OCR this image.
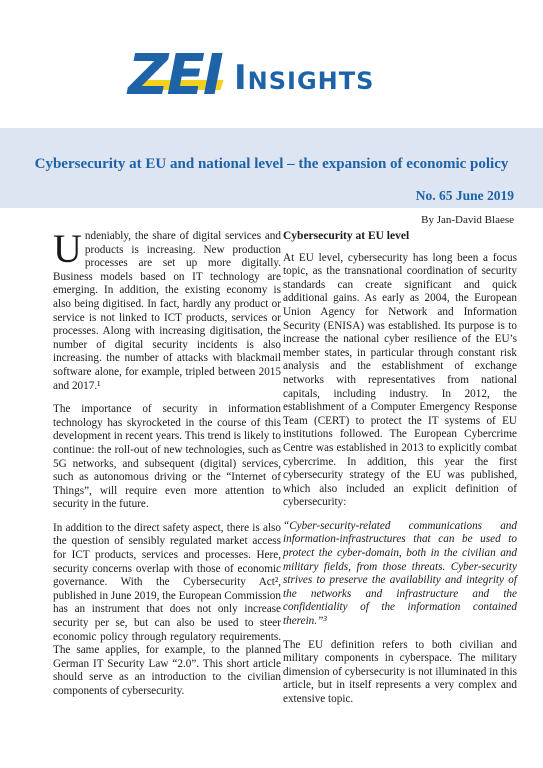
ZEI Insights
Cybersecurity at EU and national level – the expansion of economic policy
No. 65 June 2019
By Jan-David Blaese

Undeniably, the share of digital services and products is increasing. New production processes are set up more digitally. Business models based on IT technology are emerging. In addition, the existing economy is also being digitised. In fact, hardly any product or service is not linked to ICT products, services or processes. Along with increasing digitisation, the number of digital security incidents is also increasing. the number of attacks with blackmail software alone, for example, tripled between 2015 and 2017.¹

The importance of security in information technology has skyrocketed in the course of this development in recent years. This trend is likely to continue: the roll-out of new technologies, such as 5G networks, and subsequent (digital) services, such as autonomous driving or the “Internet of Things”, will require even more attention to security in the future.

In addition to the direct safety aspect, there is also the question of sensibly regulated market access for ICT products, services and processes. Here, security concerns overlap with those of economic governance. With the Cybersecurity Act², published in June 2019, the European Commission has an instrument that does not only increase security per se, but can also be used to steer economic policy through regulatory requirements. The same applies, for example, to the planned German IT Security Law “2.0”. This short article should serve as an introduction to the civilian components of cybersecurity.

Cybersecurity at EU level

At EU level, cybersecurity has long been a focus topic, as the transnational coordination of security standards can create significant and quick additional gains. As early as 2004, the European Union Agency for Network and Information Security (ENISA) was established. Its purpose is to increase the national cyber resilience of the EU’s member states, in particular through constant risk analysis and the establishment of exchange networks with representatives from national capitals, including industry. In 2012, the establishment of a Computer Emergency Response Team (CERT) to protect the IT systems of EU institutions followed. The European Cybercrime Centre was established in 2013 to explicitly combat cybercrime. In addition, this year the first cybersecurity strategy of the EU was published, which also included an explicit definition of cybersecurity:

“Cyber-security-related communications and information-infrastructures that can be used to protect the cyber-domain, both in the civilian and military fields, from those threats. Cyber-security strives to preserve the availability and integrity of the networks and infrastructure and the confidentiality of the information contained therein.”³

The EU definition refers to both civilian and military components in cyberspace. The military dimension of cybersecurity is not illuminated in this article, but in itself represents a very complex and extensive topic.
